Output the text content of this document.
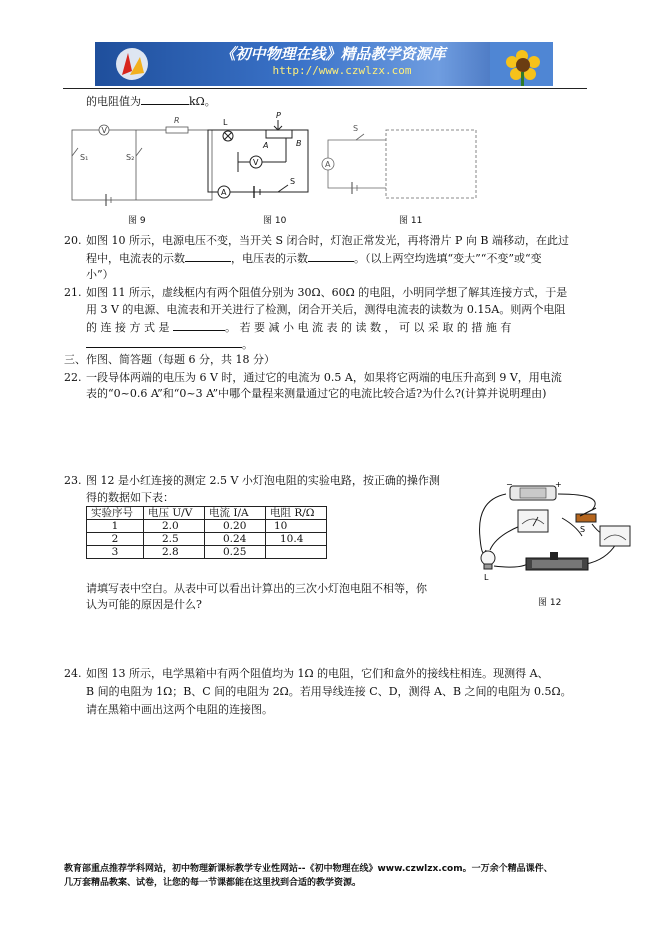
《初中物理在线》精品教学资源库
http://www.czwlzx.com
的电阻值为	kΩ。
V
R
S₁	S₂
L
P
A	B
V
A
S
S
A
图 9	图 10	图 11
20. 如图 10 所示，电源电压不变，当开关 S 闭合时，灯泡正常发光，再将滑片 P 向 B 端移动，在此过
程中，电流表的示数	，电压表的示数	。（以上两空均选填“变大”“不变”或“变
小”）
21. 如图 11 所示，虚线框内有两个阻值分别为 30Ω、60Ω 的电阻，小明同学想了解其连接方式，于是
用 3 V 的电源、电流表和开关进行了检测，闭合开关后，测得电流表的读数为 0.15A。则两个电阻
的 连 接 方 式 是	。 若 要 减 小 电 流 表 的 读 数 ， 可 以 采 取 的 措 施 有
。
三、作图、简答题（每题 6 分，共 18 分）
22. 一段导体两端的电压为 6 V 时，通过它的电流为 0.5 A，如果将它两端的电压升高到 9 V，用电流
表的“0~0.6 A”和“0~3 A”中哪个量程来测量通过它的电流比较合适?为什么?(计算并说明理由)
23. 图 12 是小红连接的测定 2.5 V 小灯泡电阻的实验电路，按正确的操作测
得的数据如下表：
实验序号	电压 U/V	电流 I/A	电阻 R/Ω
1	2.0	0.20	10
2	2.5	0.24	10.4
3	2.8	0.25	
请填写表中空白。从表中可以看出计算出的三次小灯泡电阻不相等，你
认为可能的原因是什么?
−	+
S
L
图 12
24. 如图 13 所示，电学黑箱中有两个阻值均为 1Ω 的电阻，它们和盒外的接线柱相连。现测得 A、
B 间的电阻为 1Ω；B、C 间的电阻为 2Ω。若用导线连接 C、D，测得 A、B 之间的电阻为 0.5Ω。
请在黑箱中画出这两个电阻的连接图。
教育部重点推荐学科网站，初中物理新课标教学专业性网站--《初中物理在线》www.czwlzx.com。一万余个精品课件、
几万套精品教案、试卷，让您的每一节课都能在这里找到合适的教学资源。
